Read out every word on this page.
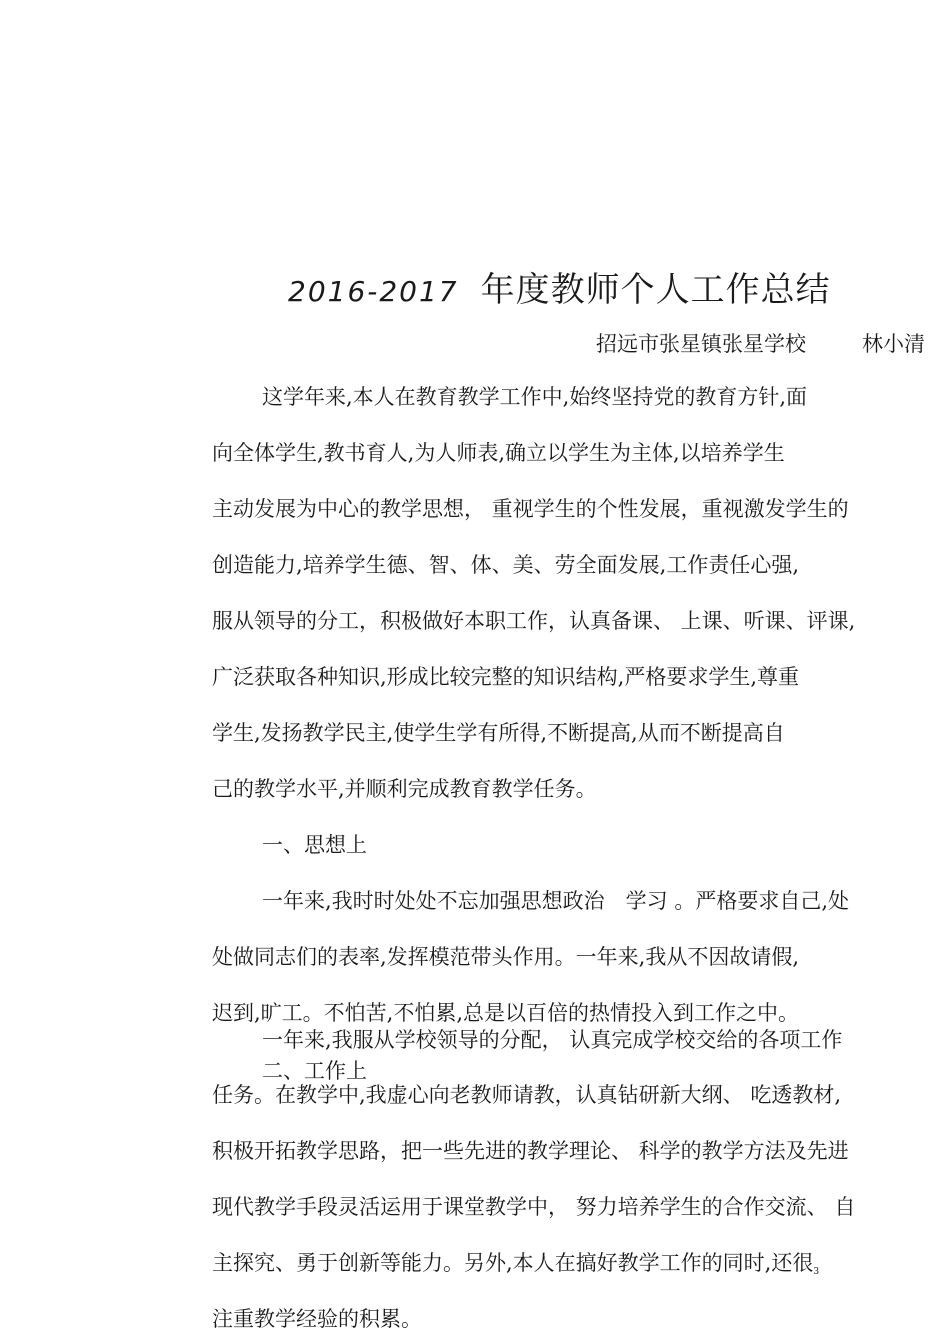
2016-2017 年度教师个人工作总结
招远市张星镇张星学校	林小清
这学年来,本人在教育教学工作中,始终坚持党的教育方针,面
向全体学生,教书育人,为人师表,确立以学生为主体,以培养学生
主动发展为中心的教学思想， 重视学生的个性发展，重视激发学生的
创造能力,培养学生德、智、体、美、劳全面发展,工作责任心强,
服从领导的分工，积极做好本职工作，认真备课、 上课、听课、评课,
广泛获取各种知识,形成比较完整的知识结构,严格要求学生,尊重
学生,发扬教学民主,使学生学有所得,不断提高,从而不断提高自
己的教学水平,并顺利完成教育教学任务。
一、思想上
一年来,我时时处处不忘加强思想政治　学习 。严格要求自己,处
处做同志们的表率,发挥模范带头作用。一年来,我从不因故请假,
迟到,旷工。不怕苦,不怕累,总是以百倍的热情投入到工作之中。
一年来,我服从学校领导的分配， 认真完成学校交给的各项工作
二、工作上
任务。在教学中,我虚心向老教师请教，认真钻研新大纲、 吃透教材,
积极开拓教学思路，把一些先进的教学理论、 科学的教学方法及先进
现代教学手段灵活运用于课堂教学中， 努力培养学生的合作交流、 自
主探究、勇于创新等能力。另外,本人在搞好教学工作的同时,还很3
注重教学经验的积累。
